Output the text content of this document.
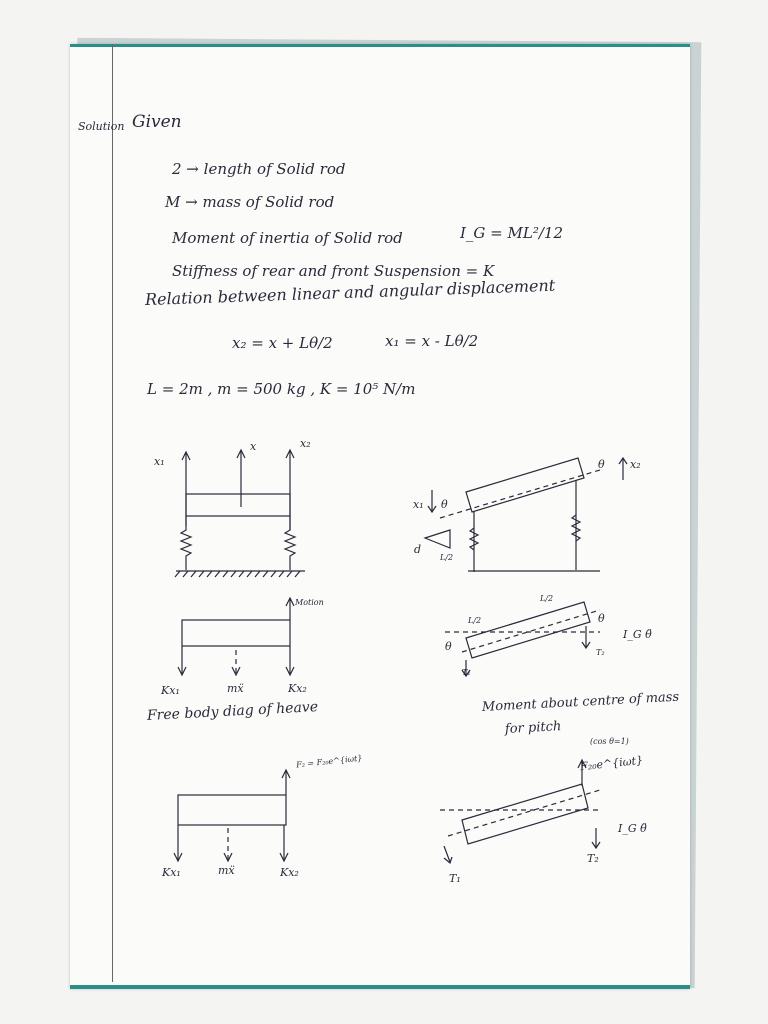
Solution Given
2 → length of Solid rod
M → mass of Solid rod
Moment of inertia of Solid rod	I_G = ML²/12
Stiffness of rear and front Suspension = K
Relation between linear and angular displacement
x₂ = x + Lθ/2	x₁ = x - Lθ/2
L = 2m , m = 500 kg , K = 10⁵ N/m
x₁
x	x₂
θ x₂
x₁ θ
d
L/2
Motion
Kx₁	mẍ	Kx₂
Free body diag of heave
L/2
L/2	θ
θ
T₁
T₂
I_G θ̈
Moment about centre of mass
for pitch
F₂ = F₂₀e^{iωt}
Kx₁	mẍ	Kx₂
(cos θ=1)
F₂₀e^{iωt}
I_G θ̈
T₂
T₁
